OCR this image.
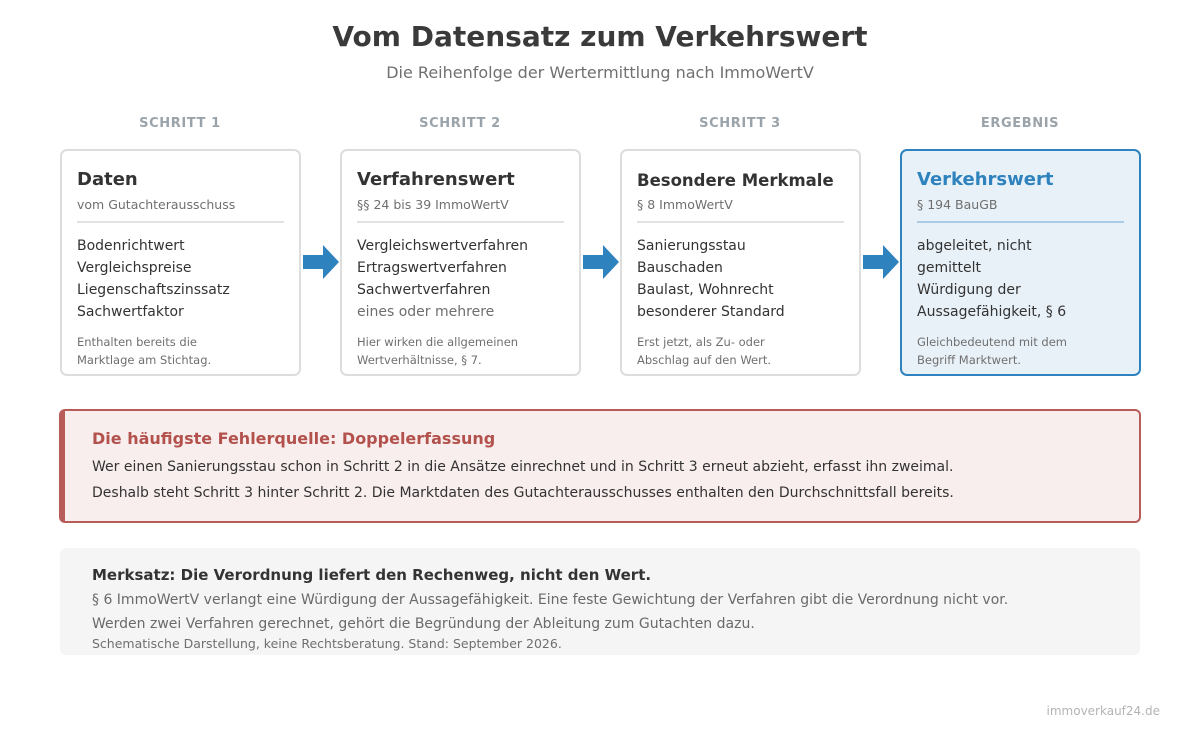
Vom Datensatz zum Verkehrswert
Die Reihenfolge der Wertermittlung nach ImmoWertV
SCHRITT 1	SCHRITT 2	SCHRITT 3	ERGEBNIS
Daten
vom Gutachterausschuss
Bodenrichtwert
Vergleichspreise
Liegenschaftszinssatz
Sachwertfaktor
Enthalten bereits die
Marktlage am Stichtag.
Verfahrenswert
§§ 24 bis 39 ImmoWertV
Vergleichswertverfahren
Ertragswertverfahren
Sachwertverfahren
eines oder mehrere
Hier wirken die allgemeinen
Wertverhältnisse, § 7.
Besondere Merkmale
§ 8 ImmoWertV
Sanierungsstau
Bauschaden
Baulast, Wohnrecht
besonderer Standard
Erst jetzt, als Zu- oder
Abschlag auf den Wert.
Verkehrswert
§ 194 BauGB
abgeleitet, nicht
gemittelt
Würdigung der
Aussagefähigkeit, § 6
Gleichbedeutend mit dem
Begriff Marktwert.
Die häufigste Fehlerquelle: Doppelerfassung
Wer einen Sanierungsstau schon in Schritt 2 in die Ansätze einrechnet und in Schritt 3 erneut abzieht, erfasst ihn zweimal.
Deshalb steht Schritt 3 hinter Schritt 2. Die Marktdaten des Gutachterausschusses enthalten den Durchschnittsfall bereits.
Merksatz: Die Verordnung liefert den Rechenweg, nicht den Wert.
§ 6 ImmoWertV verlangt eine Würdigung der Aussagefähigkeit. Eine feste Gewichtung der Verfahren gibt die Verordnung nicht vor.
Werden zwei Verfahren gerechnet, gehört die Begründung der Ableitung zum Gutachten dazu.
Schematische Darstellung, keine Rechtsberatung. Stand: September 2026.
immoverkauf24.de
